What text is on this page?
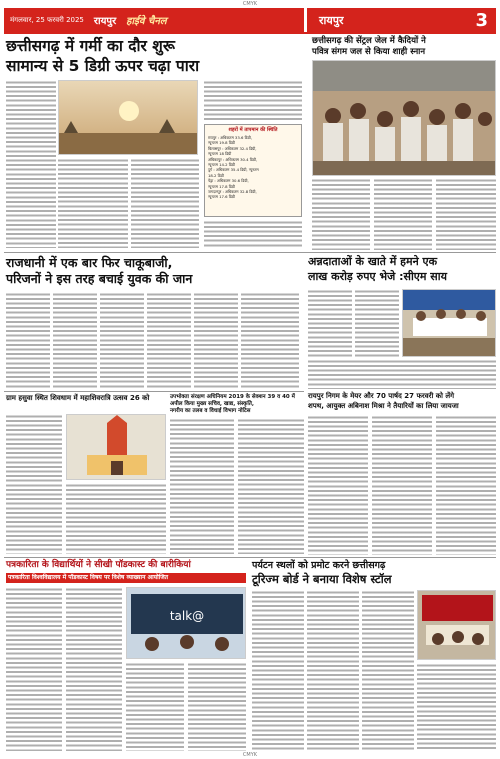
CMYK
मंगलवार, 25 फरवरी 2025 रायपुर हाईवे चैनल	रायपुर	3
छत्तीसगढ़ में गर्मी का दौर शुरू
सामान्य से 5 डिग्री ऊपर चढ़ा पारा
शहरों में तापमान की स्थिति
रायपुर : अधिकतम 33.6 डिग्री,
न्यूनतम 19.8 डिग्री
बिलासपुर : अधिकतम 32.4 डिग्री,
न्यूनतम 18 डिग्री
अंबिकापुर : अधिकतम 30.4 डिग्री,
न्यूनतम 14.2 डिग्री
दुर्ग : अधिकतम 35.4 डिग्री, न्यूनतम
18.2 डिग्री
पेंड्रा : अधिकतम 30.6 डिग्री,
न्यूनतम 17.8 डिग्री
जगदलपुर : अधिकतम 32.8 डिग्री,
न्यूनतम 17.6 डिग्री
छत्तीसगढ़ की सेंट्रल जेल में कैदियों ने
पवित्र संगम जल से किया शाही स्नान
राजधानी में एक बार फिर चाकूबाजी,
परिजनों ने इस तरह बचाई युवक की जान
अन्नदाताओं के खाते में हमने एक
लाख करोड़ रुपए भेजे :सीएम साय
ग्राम हसुवा स्थित शिवधाम में महाशिवरात्रि उत्सव 26 को	उपभोक्ता संरक्षण अधिनियम 2019 के सेक्शन 39 व 40 में
अपील किया मुख्य सचिव, खाद्य, संस्कृति,
नगरीय का तलब व विधाई विभाग नोटिस
रायपुर निगम के मेयर और 70 पार्षद 27 फरवरी को लेंगे
शपथ, आयुक्त अबिनाश मिश्रा ने तैयारियों का लिया जायजा
पत्रकारिता के विद्यार्थियों ने सीखी पॉडकास्ट की बारीकियां
पत्रकारिता विश्वविद्यालय में पॉडकास्ट विषय पर विशेष व्याख्यान आयोजित
talk@
पर्यटन स्थलों को प्रमोट करने छत्तीसगढ़
टूरिज्म बोर्ड ने बनाया विशेष स्टॉल
CMYK
